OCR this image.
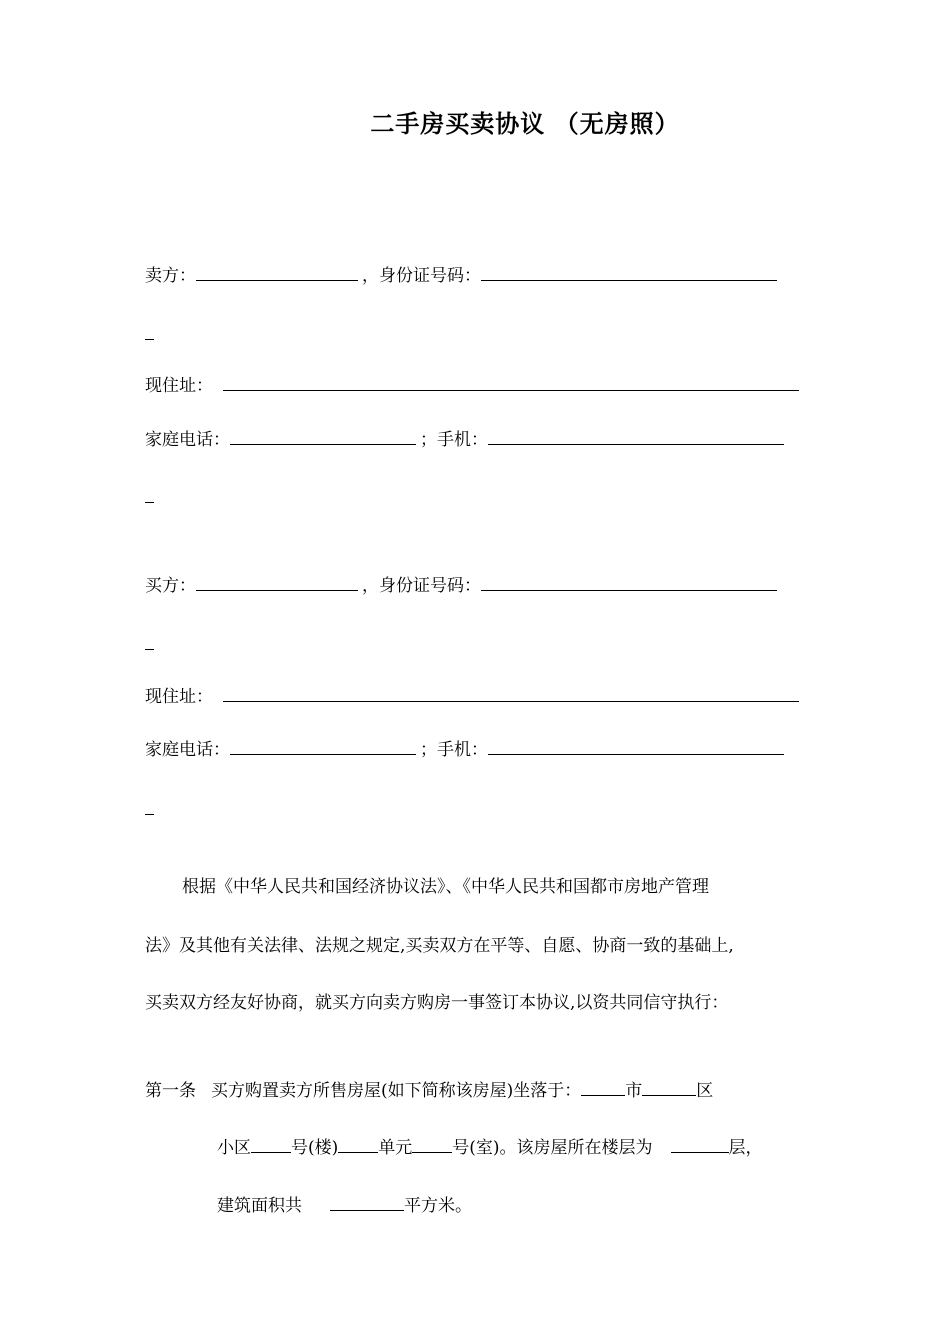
二手房买卖协议 （无房照）
卖方：	，身份证号码：
现住址：
家庭电话：	；手机：
买方：	，身份证号码：
现住址：
家庭电话：	；手机：
根据《中华人民共和国经济协议法》、《中华人民共和国都市房地产管理
法》及其他有关法律、法规之规定,买卖双方在平等、自愿、协商一致的基础上,
买卖双方经友好协商，就买方向卖方购房一事签订本协议,以资共同信守执行：
第一条 买方购置卖方所售房屋(如下简称该房屋)坐落于：	市	区
小区 号(楼) 单元 号(室)。该房屋所在楼层为	层，
建筑面积共	平方米。
